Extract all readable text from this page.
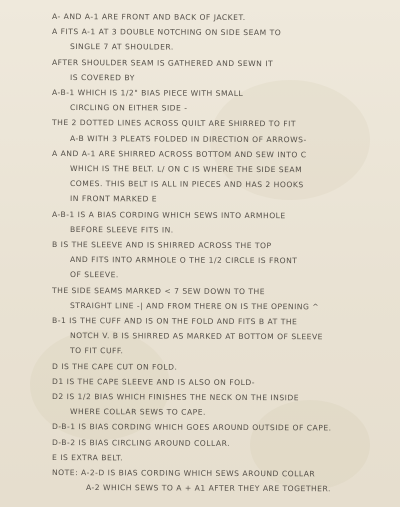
A- AND A-1 ARE FRONT AND BACK OF JACKET.
A FITS A-1 AT 3 DOUBLE NOTCHING ON SIDE SEAM TO
SINGLE 7 AT SHOULDER.
AFTER SHOULDER SEAM IS GATHERED AND SEWN IT
IS COVERED BY
A-B-1 WHICH IS 1/2" BIAS PIECE WITH SMALL
CIRCLING ON EITHER SIDE -
THE 2 DOTTED LINES ACROSS QUILT ARE SHIRRED TO FIT
A-B WITH 3 PLEATS FOLDED IN DIRECTION OF ARROWS-
A AND A-1 ARE SHIRRED ACROSS BOTTOM AND SEW INTO C
WHICH IS THE BELT. L/ ON C IS WHERE THE SIDE SEAM
COMES. THIS BELT IS ALL IN PIECES AND HAS 2 HOOKS
IN FRONT MARKED E
A-B-1 IS A BIAS CORDING WHICH SEWS INTO ARMHOLE
BEFORE SLEEVE FITS IN.
B IS THE SLEEVE AND IS SHIRRED ACROSS THE TOP
AND FITS INTO ARMHOLE O THE 1/2 CIRCLE IS FRONT
OF SLEEVE.
THE SIDE SEAMS MARKED < 7 SEW DOWN TO THE
STRAIGHT LINE -| AND FROM THERE ON IS THE OPENING ^
B-1 IS THE CUFF AND IS ON THE FOLD AND FITS B AT THE
NOTCH V. B IS SHIRRED AS MARKED AT BOTTOM OF SLEEVE
TO FIT CUFF.
D IS THE CAPE CUT ON FOLD.
D1 IS THE CAPE SLEEVE AND IS ALSO ON FOLD-
D2 IS 1/2 BIAS WHICH FINISHES THE NECK ON THE INSIDE
WHERE COLLAR SEWS TO CAPE.
D-B-1 IS BIAS CORDING WHICH GOES AROUND OUTSIDE OF CAPE.
D-B-2 IS BIAS CIRCLING AROUND COLLAR.
E IS EXTRA BELT.
NOTE: A-2-D IS BIAS CORDING WHICH SEWS AROUND COLLAR
A-2 WHICH SEWS TO A + A1 AFTER THEY ARE TOGETHER.
